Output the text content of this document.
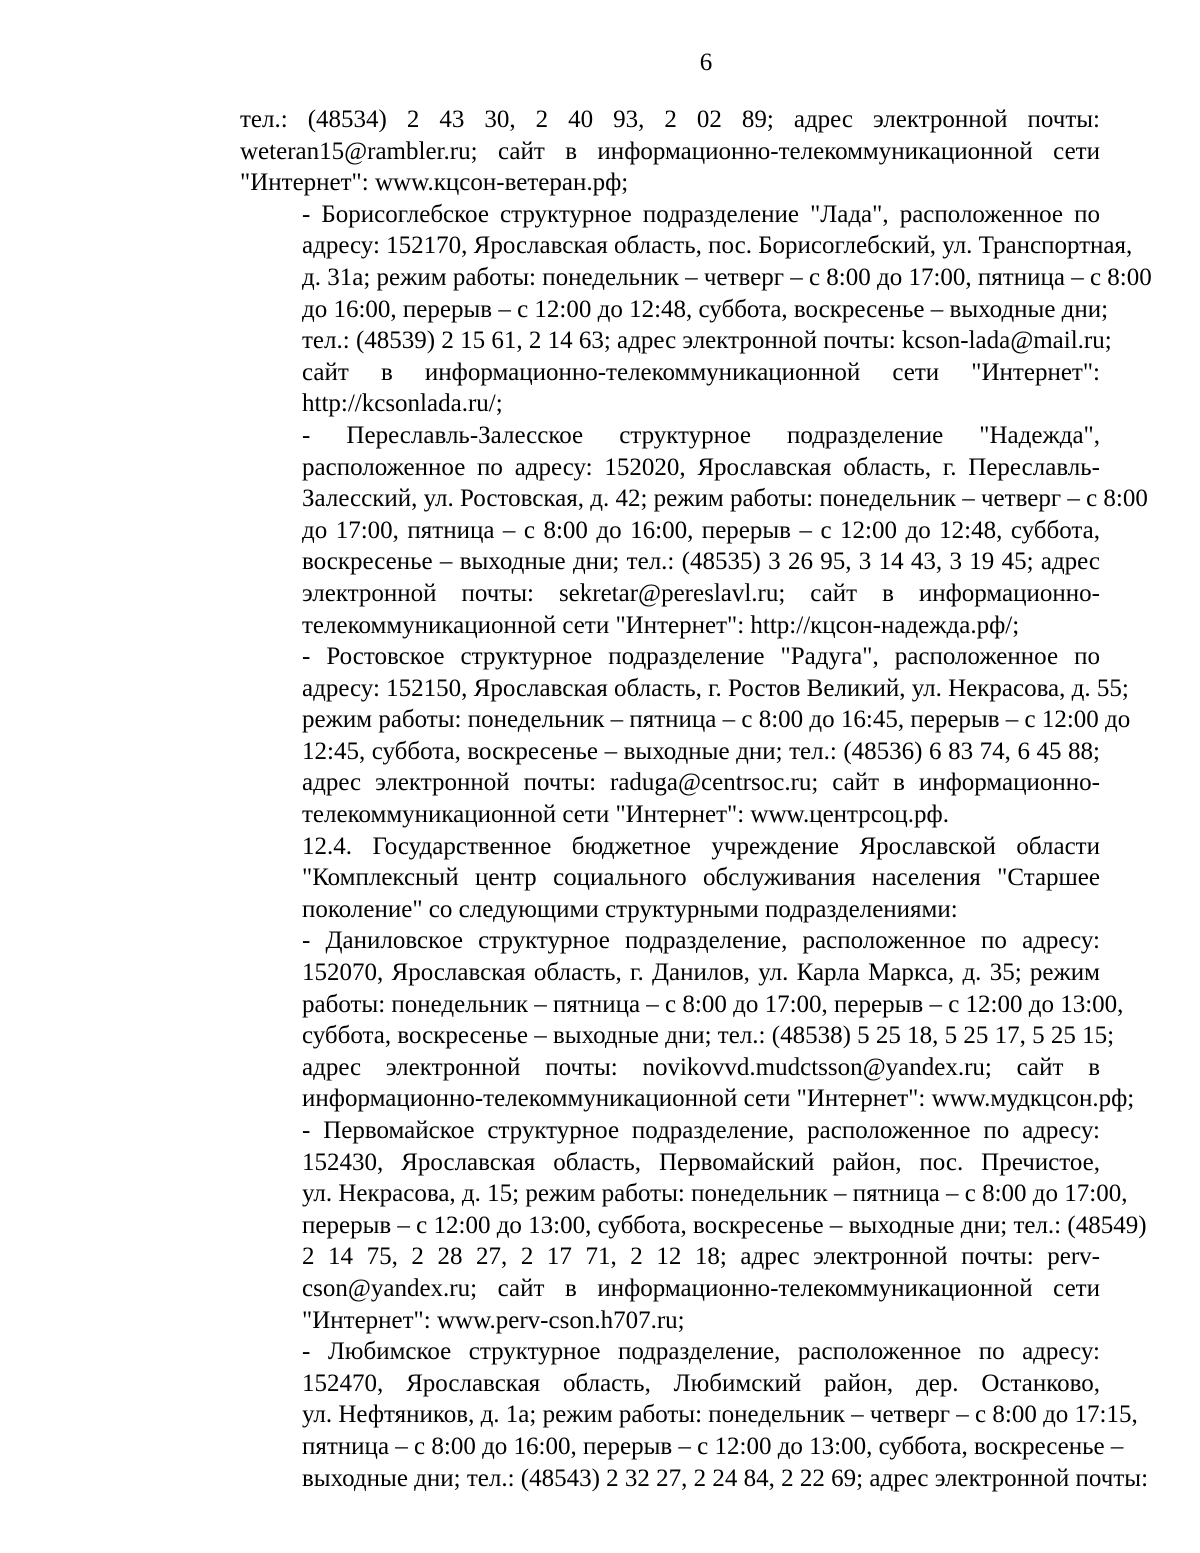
6
тел.: (48534) 2 43 30, 2 40 93, 2 02 89; адрес электронной почты:
weteran15@rambler.ru; сайт в информационно-телекоммуникационной сети
"Интернет": www.кцсон-ветеран.рф;
- Борисоглебское структурное подразделение "Лада", расположенное по
адресу: 152170, Ярославская область, пос. Борисоглебский, ул. Транспортная,
д. 31а; режим работы: понедельник – четверг – с 8:00 до 17:00, пятница – с 8:00
до 16:00, перерыв – с 12:00 до 12:48, суббота, воскресенье – выходные дни;
тел.: (48539) 2 15 61, 2 14 63; адрес электронной почты: kcson-lada@mail.ru;
сайт в информационно-телекоммуникационной сети "Интернет":
http://kcsonlada.ru/;
- Переславль-Залесское структурное подразделение "Надежда",
расположенное по адресу: 152020, Ярославская область, г. Переславль-
Залесский, ул. Ростовская, д. 42; режим работы: понедельник – четверг – с 8:00
до 17:00, пятница – с 8:00 до 16:00, перерыв – с 12:00 до 12:48, суббота,
воскресенье – выходные дни; тел.: (48535) 3 26 95, 3 14 43, 3 19 45; адрес
электронной почты: sekretar@pereslavl.ru; сайт в информационно-
телекоммуникационной сети "Интернет": http://кцсон-надежда.рф/;
- Ростовское структурное подразделение "Радуга", расположенное по
адресу: 152150, Ярославская область, г. Ростов Великий, ул. Некрасова, д. 55;
режим работы: понедельник – пятница – с 8:00 до 16:45, перерыв – с 12:00 до
12:45, суббота, воскресенье – выходные дни; тел.: (48536) 6 83 74, 6 45 88;
адрес электронной почты: raduga@centrsoc.ru; сайт в информационно-
телекоммуникационной сети "Интернет": www.центрсоц.рф.
12.4. Государственное бюджетное учреждение Ярославской области
"Комплексный центр социального обслуживания населения "Старшее
поколение" со следующими структурными подразделениями:
- Даниловское структурное подразделение, расположенное по адресу:
152070, Ярославская область, г. Данилов, ул. Карла Маркса, д. 35; режим
работы: понедельник – пятница – с 8:00 до 17:00, перерыв – с 12:00 до 13:00,
суббота, воскресенье – выходные дни; тел.: (48538) 5 25 18, 5 25 17, 5 25 15;
адрес электронной почты: novikovvd.mudctsson@yandex.ru; сайт в
информационно-телекоммуникационной сети "Интернет": www.мудкцсон.рф;
- Первомайское структурное подразделение, расположенное по адресу:
152430, Ярославская область, Первомайский район, пос. Пречистое,
ул. Некрасова, д. 15; режим работы: понедельник – пятница – с 8:00 до 17:00,
перерыв – с 12:00 до 13:00, суббота, воскресенье – выходные дни; тел.: (48549)
2 14 75, 2 28 27, 2 17 71, 2 12 18; адрес электронной почты: perv-
cson@yandex.ru; сайт в информационно-телекоммуникационной сети
"Интернет": www.perv-cson.h707.ru;
- Любимское структурное подразделение, расположенное по адресу:
152470, Ярославская область, Любимский район, дер. Останково,
ул. Нефтяников, д. 1а; режим работы: понедельник – четверг – с 8:00 до 17:15,
пятница – с 8:00 до 16:00, перерыв – с 12:00 до 13:00, суббота, воскресенье –
выходные дни; тел.: (48543) 2 32 27, 2 24 84, 2 22 69; адрес электронной почты:
